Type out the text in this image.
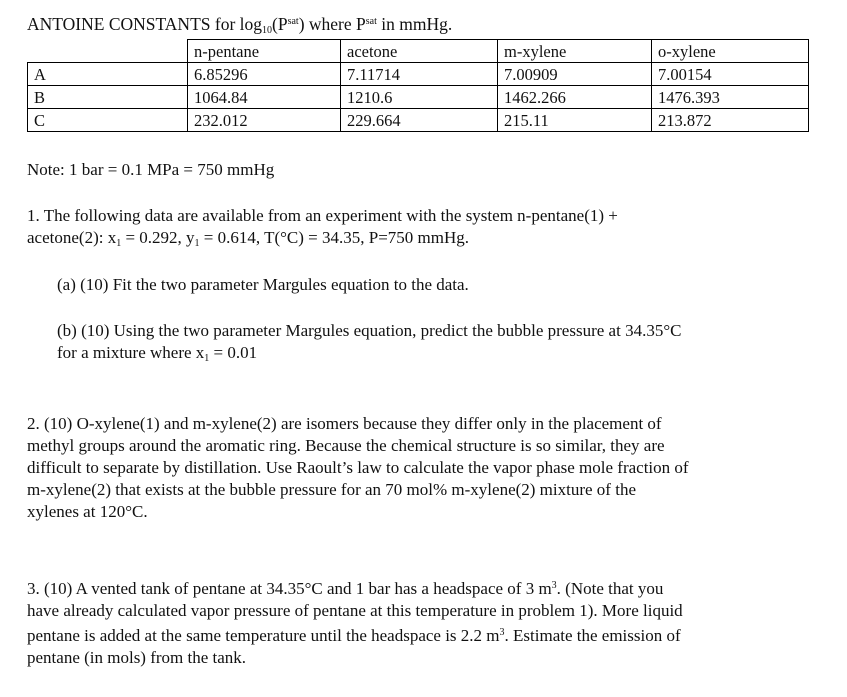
ANTOINE CONSTANTS for $\log_{10}(P^{sat})$ where $P^{sat}$ in mmHg.
	n-pentane	acetone	m-xylene	o-xylene
A	6.85296	7.11714	7.00909	7.00154
B	1064.84	1210.6	1462.266	1476.393
C	232.012	229.664	215.11	213.872

Note: 1 bar = 0.1 MPa = 750 mmHg

1. The following data are available from an experiment with the system n-pentane(1) +
acetone(2): $x_1 = 0.292$, $y_1 = 0.614$, T(°C) = 34.35, P=750 mmHg.

(a) (10) Fit the two parameter Margules equation to the data.

(b) (10) Using the two parameter Margules equation, predict the bubble pressure at 34.35°C
for a mixture where $x_1 = 0.01$
2. (10) O-xylene(1) and m-xylene(2) are isomers because they differ only in the placement of
methyl groups around the aromatic ring. Because the chemical structure is so similar, they are
difficult to separate by distillation. Use Raoult’s law to calculate the vapor phase mole fraction of
m-xylene(2) that exists at the bubble pressure for an 70 mol% m-xylene(2) mixture of the
xylenes at 120°C.
3. (10) A vented tank of pentane at 34.35°C and 1 bar has a headspace of 3 $m^3$. (Note that you
have already calculated vapor pressure of pentane at this temperature in problem 1). More liquid
pentane is added at the same temperature until the headspace is 2.2 $m^3$. Estimate the emission of
pentane (in mols) from the tank.
